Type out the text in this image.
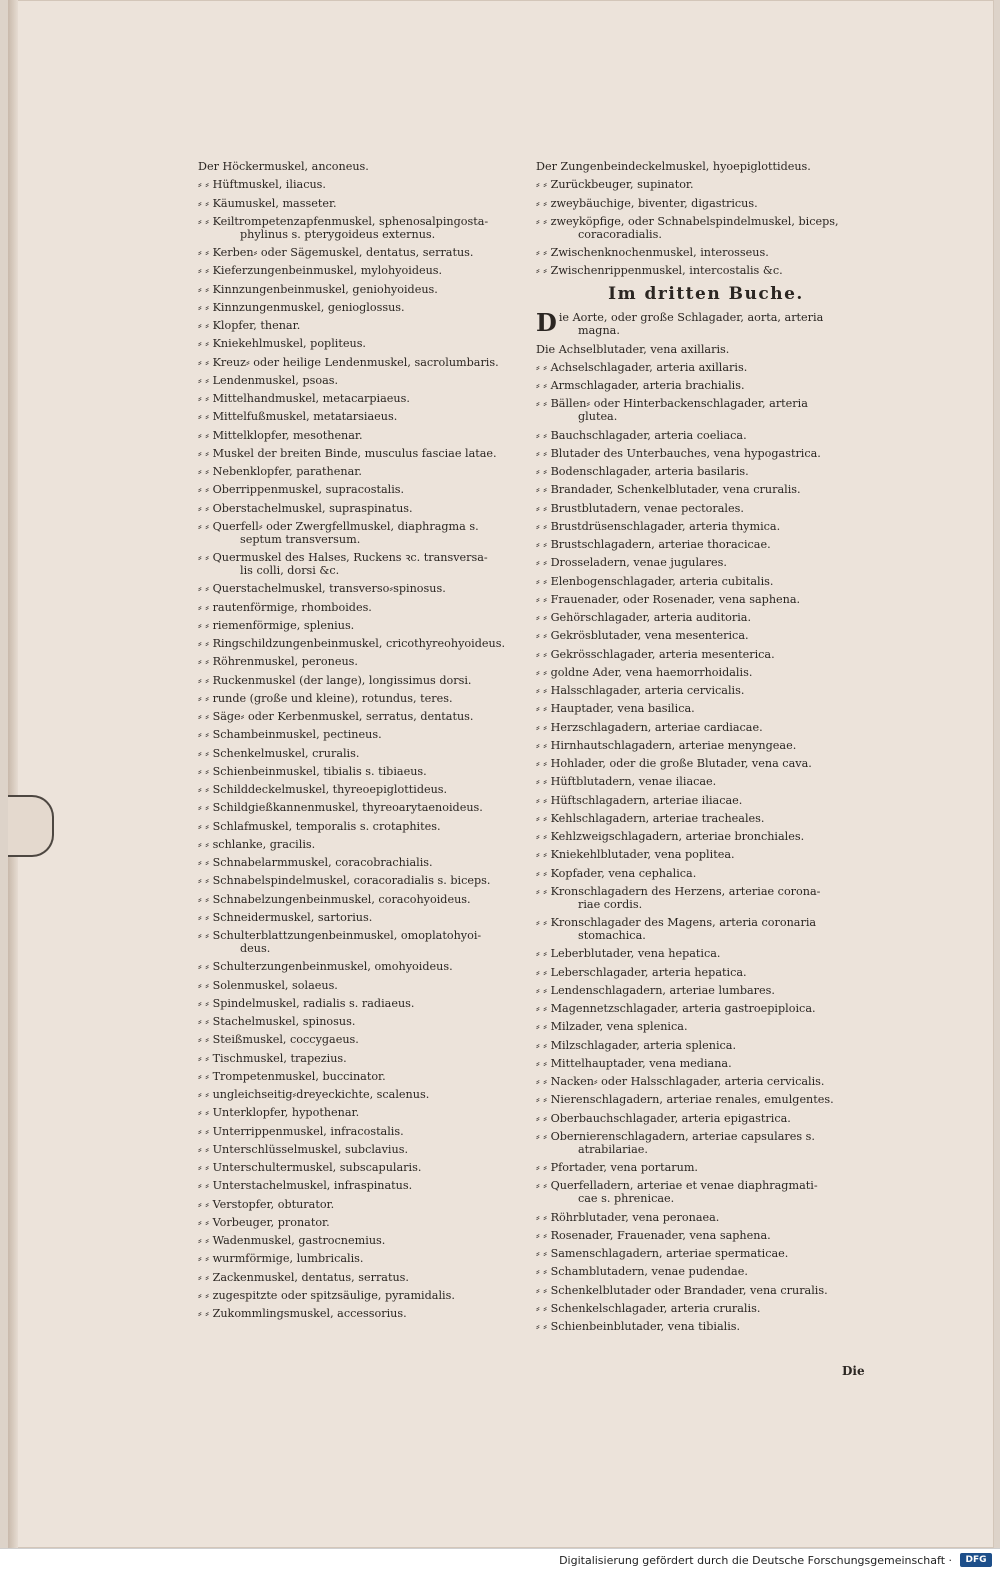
Der Höckermuskel, anconeus.
⸗ ⸗ Hüftmuskel, iliacus.
⸗ ⸗ Käumuskel, masseter.
⸗ ⸗ Keiltrompetenzapfenmuskel, sphenosalpingosta-
phylinus s. pterygoideus externus.
⸗ ⸗ Kerben⸗ oder Sägemuskel, dentatus, serratus.
⸗ ⸗ Kieferzungenbeinmuskel, mylohyoideus.
⸗ ⸗ Kinnzungenbeinmuskel, geniohyoideus.
⸗ ⸗ Kinnzungenmuskel, genioglossus.
⸗ ⸗ Klopfer, thenar.
⸗ ⸗ Kniekehlmuskel, popliteus.
⸗ ⸗ Kreuz⸗ oder heilige Lendenmuskel, sacrolumbaris.
⸗ ⸗ Lendenmuskel, psoas.
⸗ ⸗ Mittelhandmuskel, metacarpiaeus.
⸗ ⸗ Mittelfußmuskel, metatarsiaeus.
⸗ ⸗ Mittelklopfer, mesothenar.
⸗ ⸗ Muskel der breiten Binde, musculus fasciae latae.
⸗ ⸗ Nebenklopfer, parathenar.
⸗ ⸗ Oberrippenmuskel, supracostalis.
⸗ ⸗ Oberstachelmuskel, supraspinatus.
⸗ ⸗ Querfell⸗ oder Zwergfellmuskel, diaphragma s.
septum transversum.
⸗ ⸗ Quermuskel des Halses, Ruckens ꝛc. transversa-
lis colli, dorsi &c.
⸗ ⸗ Querstachelmuskel, transverso⸗spinosus.
⸗ ⸗ rautenförmige, rhomboides.
⸗ ⸗ riemenförmige, splenius.
⸗ ⸗ Ringschildzungenbeinmuskel, cricothyreohyoideus.
⸗ ⸗ Röhrenmuskel, peroneus.
⸗ ⸗ Ruckenmuskel (der lange), longissimus dorsi.
⸗ ⸗ runde (große und kleine), rotundus, teres.
⸗ ⸗ Säge⸗ oder Kerbenmuskel, serratus, dentatus.
⸗ ⸗ Schambeinmuskel, pectineus.
⸗ ⸗ Schenkelmuskel, cruralis.
⸗ ⸗ Schienbeinmuskel, tibialis s. tibiaeus.
⸗ ⸗ Schilddeckelmuskel, thyreoepiglottideus.
⸗ ⸗ Schildgießkannenmuskel, thyreoarytaenoideus.
⸗ ⸗ Schlafmuskel, temporalis s. crotaphites.
⸗ ⸗ schlanke, gracilis.
⸗ ⸗ Schnabelarmmuskel, coracobrachialis.
⸗ ⸗ Schnabelspindelmuskel, coracoradialis s. biceps.
⸗ ⸗ Schnabelzungenbeinmuskel, coracohyoideus.
⸗ ⸗ Schneidermuskel, sartorius.
⸗ ⸗ Schulterblattzungenbeinmuskel, omoplatohyoi-
deus.
⸗ ⸗ Schulterzungenbeinmuskel, omohyoideus.
⸗ ⸗ Solenmuskel, solaeus.
⸗ ⸗ Spindelmuskel, radialis s. radiaeus.
⸗ ⸗ Stachelmuskel, spinosus.
⸗ ⸗ Steißmuskel, coccygaeus.
⸗ ⸗ Tischmuskel, trapezius.
⸗ ⸗ Trompetenmuskel, buccinator.
⸗ ⸗ ungleichseitig⸗dreyeckichte, scalenus.
⸗ ⸗ Unterklopfer, hypothenar.
⸗ ⸗ Unterrippenmuskel, infracostalis.
⸗ ⸗ Unterschlüsselmuskel, subclavius.
⸗ ⸗ Unterschultermuskel, subscapularis.
⸗ ⸗ Unterstachelmuskel, infraspinatus.
⸗ ⸗ Verstopfer, obturator.
⸗ ⸗ Vorbeuger, pronator.
⸗ ⸗ Wadenmuskel, gastrocnemius.
⸗ ⸗ wurmförmige, lumbricalis.
⸗ ⸗ Zackenmuskel, dentatus, serratus.
⸗ ⸗ zugespitzte oder spitzsäulige, pyramidalis.
⸗ ⸗ Zukommlingsmuskel, accessorius.
Der Zungenbeindeckelmuskel, hyoepiglottideus.
⸗ ⸗ Zurückbeuger, supinator.
⸗ ⸗ zweybäuchige, biventer, digastricus.
⸗ ⸗ zweyköpfige, oder Schnabelspindelmuskel, biceps,
coracoradialis.
⸗ ⸗ Zwischenknochenmuskel, interosseus.
⸗ ⸗ Zwischenrippenmuskel, intercostalis &c.
Im dritten Buche.
Die Aorte, oder große Schlagader, aorta, arteria
magna.
Die Achselblutader, vena axillaris.
⸗ ⸗ Achselschlagader, arteria axillaris.
⸗ ⸗ Armschlagader, arteria brachialis.
⸗ ⸗ Bällen⸗ oder Hinterbackenschlagader, arteria
glutea.
⸗ ⸗ Bauchschlagader, arteria coeliaca.
⸗ ⸗ Blutader des Unterbauches, vena hypogastrica.
⸗ ⸗ Bodenschlagader, arteria basilaris.
⸗ ⸗ Brandader, Schenkelblutader, vena cruralis.
⸗ ⸗ Brustblutadern, venae pectorales.
⸗ ⸗ Brustdrüsenschlagader, arteria thymica.
⸗ ⸗ Brustschlagadern, arteriae thoracicae.
⸗ ⸗ Drosseladern, venae jugulares.
⸗ ⸗ Elenbogenschlagader, arteria cubitalis.
⸗ ⸗ Frauenader, oder Rosenader, vena saphena.
⸗ ⸗ Gehörschlagader, arteria auditoria.
⸗ ⸗ Gekrösblutader, vena mesenterica.
⸗ ⸗ Gekrösschlagader, arteria mesenterica.
⸗ ⸗ goldne Ader, vena haemorrhoidalis.
⸗ ⸗ Halsschlagader, arteria cervicalis.
⸗ ⸗ Hauptader, vena basilica.
⸗ ⸗ Herzschlagadern, arteriae cardiacae.
⸗ ⸗ Hirnhautschlagadern, arteriae menyngeae.
⸗ ⸗ Hohlader, oder die große Blutader, vena cava.
⸗ ⸗ Hüftblutadern, venae iliacae.
⸗ ⸗ Hüftschlagadern, arteriae iliacae.
⸗ ⸗ Kehlschlagadern, arteriae tracheales.
⸗ ⸗ Kehlzweigschlagadern, arteriae bronchiales.
⸗ ⸗ Kniekehlblutader, vena poplitea.
⸗ ⸗ Kopfader, vena cephalica.
⸗ ⸗ Kronschlagadern des Herzens, arteriae corona-
riae cordis.
⸗ ⸗ Kronschlagader des Magens, arteria coronaria
stomachica.
⸗ ⸗ Leberblutader, vena hepatica.
⸗ ⸗ Leberschlagader, arteria hepatica.
⸗ ⸗ Lendenschlagadern, arteriae lumbares.
⸗ ⸗ Magennetzschlagader, arteria gastroepiploica.
⸗ ⸗ Milzader, vena splenica.
⸗ ⸗ Milzschlagader, arteria splenica.
⸗ ⸗ Mittelhauptader, vena mediana.
⸗ ⸗ Nacken⸗ oder Halsschlagader, arteria cervicalis.
⸗ ⸗ Nierenschlagadern, arteriae renales, emulgentes.
⸗ ⸗ Oberbauchschlagader, arteria epigastrica.
⸗ ⸗ Obernierenschlagadern, arteriae capsulares s.
atrabilariae.
⸗ ⸗ Pfortader, vena portarum.
⸗ ⸗ Querfelladern, arteriae et venae diaphragmati-
cae s. phrenicae.
⸗ ⸗ Röhrblutader, vena peronaea.
⸗ ⸗ Rosenader, Frauenader, vena saphena.
⸗ ⸗ Samenschlagadern, arteriae spermaticae.
⸗ ⸗ Schamblutadern, venae pudendae.
⸗ ⸗ Schenkelblutader oder Brandader, vena cruralis.
⸗ ⸗ Schenkelschlagader, arteria cruralis.
⸗ ⸗ Schienbeinblutader, vena tibialis.
Die
Digitalisierung gefördert durch die Deutsche Forschungsgemeinschaft ·	DFG
